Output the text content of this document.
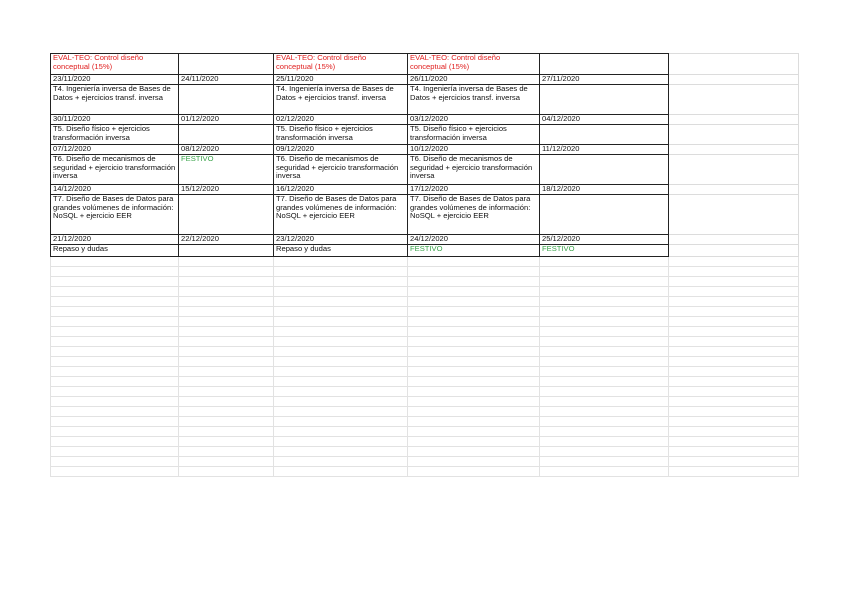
EVAL-TEO: Control diseño conceptual (15%)		EVAL-TEO: Control diseño conceptual (15%)	EVAL-TEO: Control diseño conceptual (15%)		
23/11/2020	24/11/2020	25/11/2020	26/11/2020	27/11/2020	
T4. Ingeniería inversa de Bases de Datos + ejercicios transf. inversa		T4. Ingeniería inversa de Bases de Datos + ejercicios transf. inversa	T4. Ingeniería inversa de Bases de Datos + ejercicios transf. inversa		
30/11/2020	01/12/2020	02/12/2020	03/12/2020	04/12/2020	
T5. Diseño físico + ejercicios transformación inversa		T5. Diseño físico + ejercicios transformación inversa	T5. Diseño físico + ejercicios transformación inversa		
07/12/2020	08/12/2020	09/12/2020	10/12/2020	11/12/2020	
T6. Diseño de mecanismos de seguridad + ejercicio transformación inversa	FESTIVO	T6. Diseño de mecanismos de seguridad + ejercicio transformación inversa	T6. Diseño de mecanismos de seguridad + ejercicio transformación inversa		
14/12/2020	15/12/2020	16/12/2020	17/12/2020	18/12/2020	
T7. Diseño de Bases de Datos para grandes volúmenes de información: NoSQL + ejercicio EER		T7. Diseño de Bases de Datos para grandes volúmenes de información: NoSQL + ejercicio EER	T7. Diseño de Bases de Datos para grandes volúmenes de información: NoSQL + ejercicio EER		
21/12/2020	22/12/2020	23/12/2020	24/12/2020	25/12/2020	
Repaso y dudas		Repaso y dudas	FESTIVO	FESTIVO	
